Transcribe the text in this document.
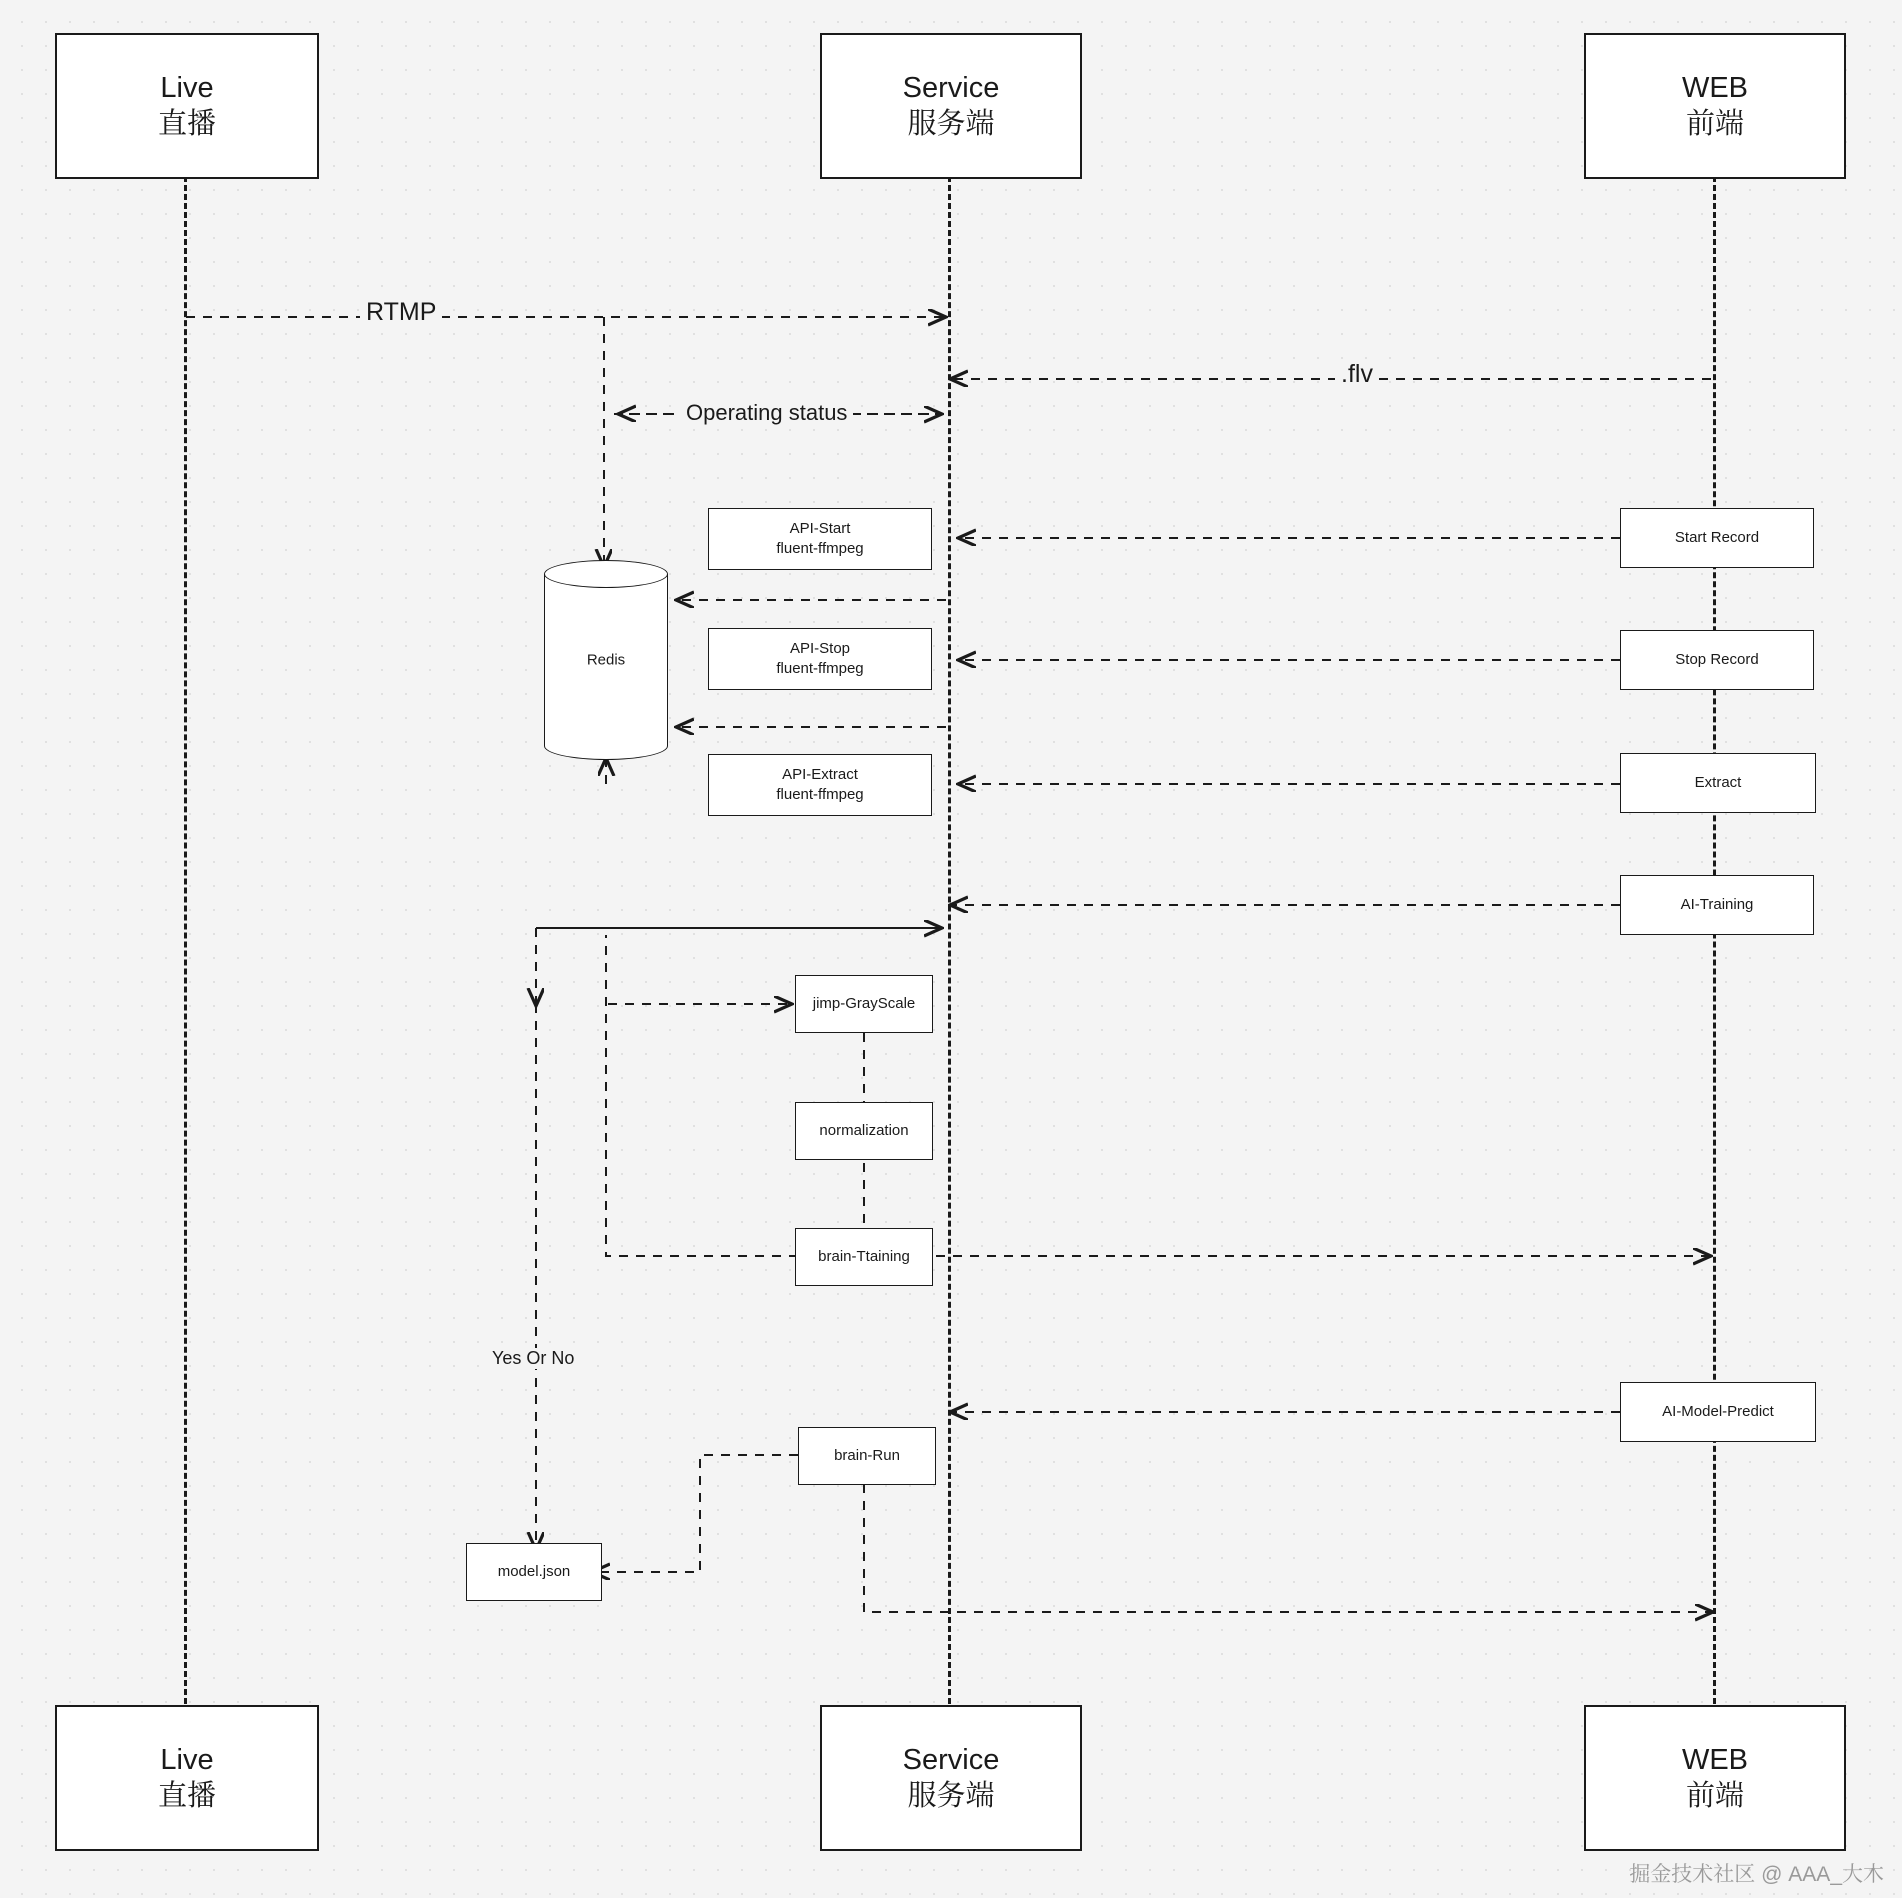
Live
直播
Service
服务端
WEB
前端
Live
直播
Service
服务端
WEB
前端
Redis
API-Start
fluent-ffmpeg
API-Stop
fluent-ffmpeg
API-Extract
fluent-ffmpeg
Start Record
Stop Record
Extract
AI-Training
AI-Model-Predict
jimp-GrayScale
normalization
brain-Ttaining
brain-Run
model.json
RTMP
.flv
Operating status
Yes Or No
掘金技术社区 @ AAA_大木
